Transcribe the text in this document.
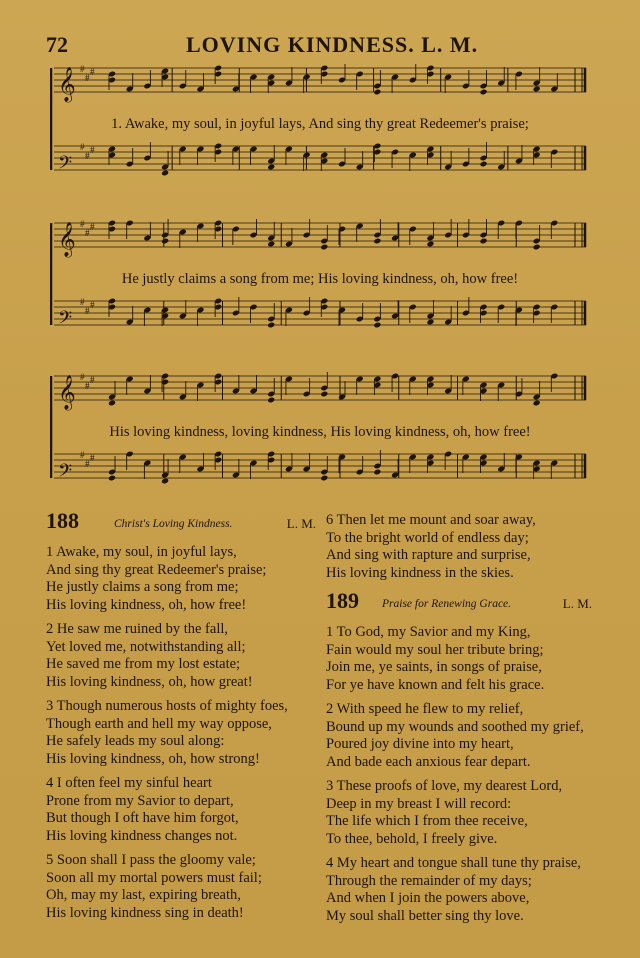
72	LOVING KINDNESS. L. M.
𝄞 #
#
#
𝄢
#
#
#
1. Awake, my soul, in joyful lays, And sing thy great Redeemer's praise;
𝄞 #
#
#
𝄢
#
#
#
He justly claims a song from me; His loving kindness, oh, how free!
𝄞 #
#
#
𝄢
#
#
#
His loving kindness, loving kindness, His loving kindness, oh, how free!
188	Christ's Loving Kindness.	L. M.
1 Awake, my soul, in joyful lays,
And sing thy great Redeemer's praise;
He justly claims a song from me;
His loving kindness, oh, how free!
2 He saw me ruined by the fall,
Yet loved me, notwithstanding all;
He saved me from my lost estate;
His loving kindness, oh, how great!
3 Though numerous hosts of mighty foes,
Though earth and hell my way oppose,
He safely leads my soul along:
His loving kindness, oh, how strong!
4 I often feel my sinful heart
Prone from my Savior to depart,
But though I oft have him forgot,
His loving kindness changes not.
5 Soon shall I pass the gloomy vale;
Soon all my mortal powers must fail;
Oh, may my last, expiring breath,
His loving kindness sing in death!
6 Then let me mount and soar away,
To the bright world of endless day;
And sing with rapture and surprise,
His loving kindness in the skies.
189 Praise for Renewing Grace.	L. M.
1 To God, my Savior and my King,
Fain would my soul her tribute bring;
Join me, ye saints, in songs of praise,
For ye have known and felt his grace.
2 With speed he flew to my relief,
Bound up my wounds and soothed my grief,
Poured joy divine into my heart,
And bade each anxious fear depart.
3 These proofs of love, my dearest Lord,
Deep in my breast I will record:
The life which I from thee receive,
To thee, behold, I freely give.
4 My heart and tongue shall tune thy praise,
Through the remainder of my days;
And when I join the powers above,
My soul shall better sing thy love.
